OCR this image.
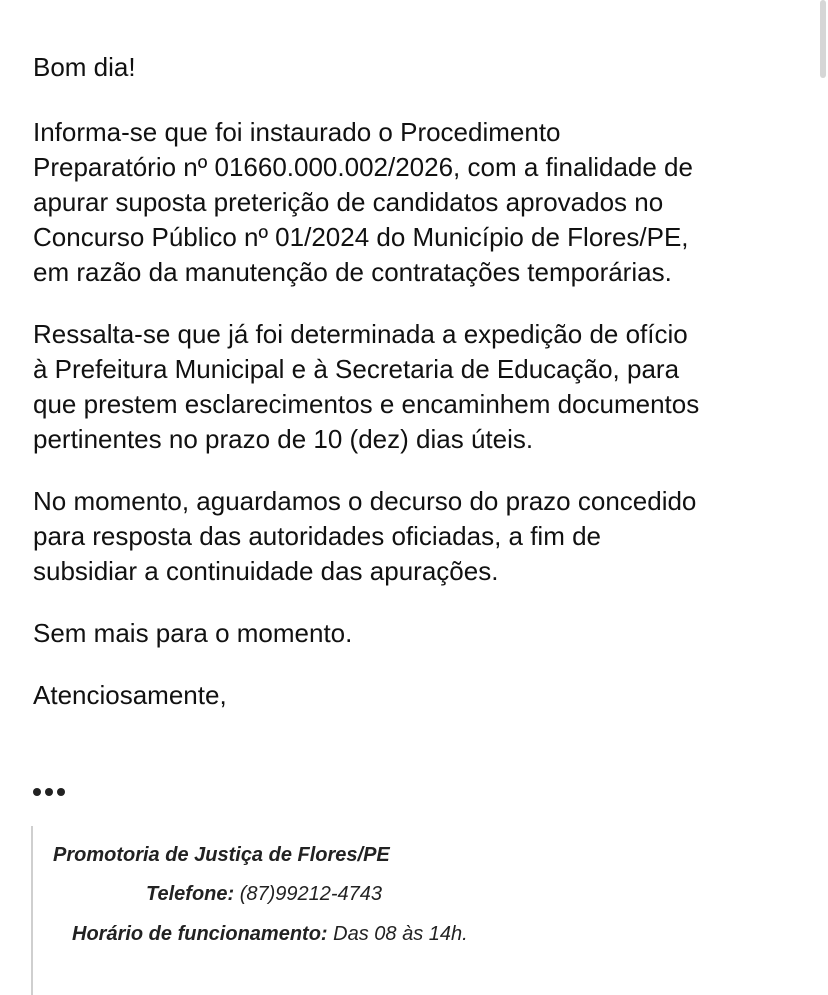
Bom dia!

Informa-se que foi instaurado o Procedimento
Preparatório nº 01660.000.002/2026, com a finalidade de
apurar suposta preterição de candidatos aprovados no
Concurso Público nº 01/2024 do Município de Flores/PE,
em razão da manutenção de contratações temporárias.

Ressalta-se que já foi determinada a expedição de ofício
à Prefeitura Municipal e à Secretaria de Educação, para
que prestem esclarecimentos e encaminhem documentos
pertinentes no prazo de 10 (dez) dias úteis.

No momento, aguardamos o decurso do prazo concedido
para resposta das autoridades oficiadas, a fim de
subsidiar a continuidade das apurações.

Sem mais para o momento.

Atenciosamente,

Promotoria de Justiça de Flores/PE
Telefone: (87)99212-4743
Horário de funcionamento: Das 08 às 14h.
